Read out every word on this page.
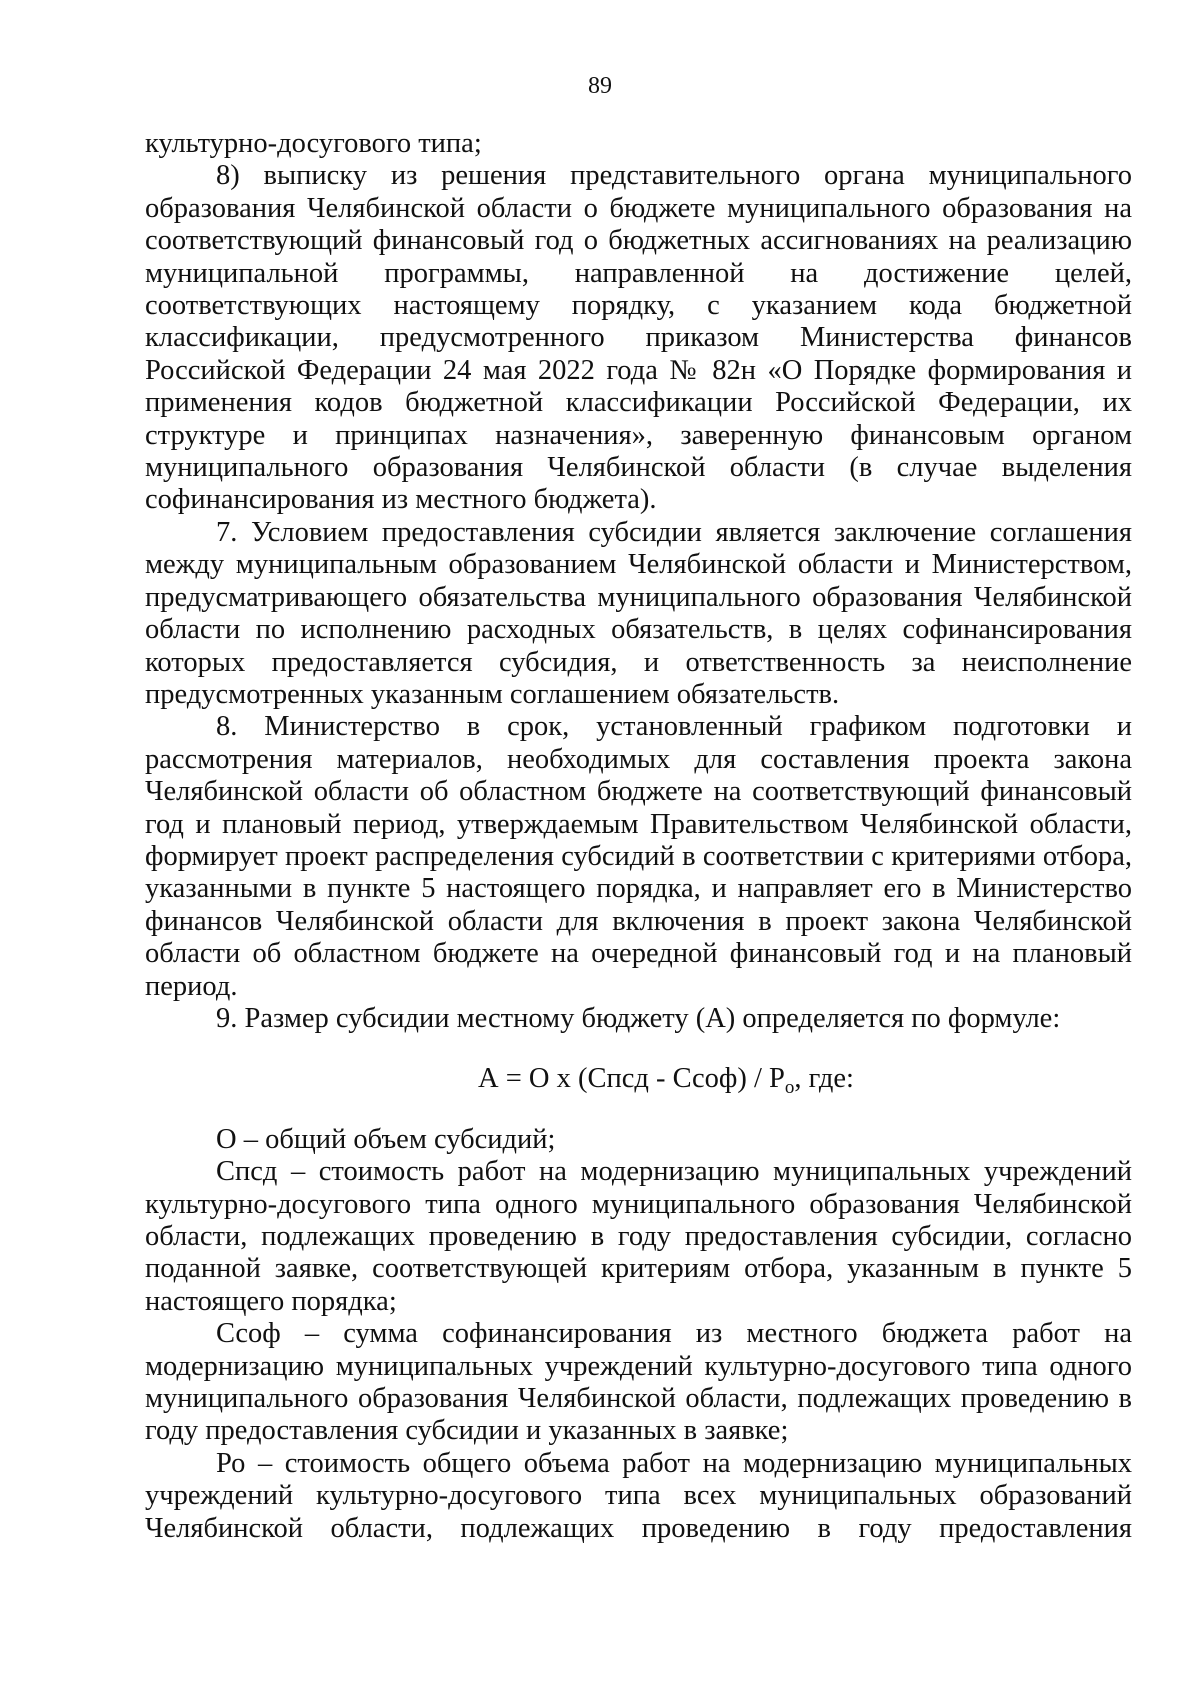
89

культурно-досугового типа;

8) выписку из решения представительного органа муниципального образования Челябинской области о бюджете муниципального образования на соответствующий финансовый год о бюджетных ассигнованиях на реализацию муниципальной программы, направленной на достижение целей, соответствующих настоящему порядку, с указанием кода бюджетной классификации, предусмотренного приказом Министерства финансов Российской Федерации 24 мая 2022 года № 82н «О Порядке формирования и применения кодов бюджетной классификации Российской Федерации, их структуре и принципах назначения», заверенную финансовым органом муниципального образования Челябинской области (в случае выделения софинансирования из местного бюджета).

7. Условием предоставления субсидии является заключение соглашения между муниципальным образованием Челябинской области и Министерством, предусматривающего обязательства муниципального образования Челябинской области по исполнению расходных обязательств, в целях софинансирования которых предоставляется субсидия, и ответственность за неисполнение предусмотренных указанным соглашением обязательств.

8. Министерство в срок, установленный графиком подготовки и рассмотрения материалов, необходимых для составления проекта закона Челябинской области об областном бюджете на соответствующий финансовый год и плановый период, утверждаемым Правительством Челябинской области, формирует проект распределения субсидий в соответствии с критериями отбора, указанными в пункте 5 настоящего порядка, и направляет его в Министерство финансов Челябинской области для включения в проект закона Челябинской области об областном бюджете на очередной финансовый год и на плановый период.

9. Размер субсидии местному бюджету (А) определяется по формуле:

А = О х (Спсд - Ссоф) / $Р_о$, где:

О – общий объем субсидий;

Спсд – стоимость работ на модернизацию муниципальных учреждений культурно-досугового типа одного муниципального образования Челябинской области, подлежащих проведению в году предоставления субсидии, согласно поданной заявке, соответствующей критериям отбора, указанным в пункте 5 настоящего порядка;

Ссоф – сумма софинансирования из местного бюджета работ на модернизацию муниципальных учреждений культурно-досугового типа одного муниципального образования Челябинской области, подлежащих проведению в году предоставления субсидии и указанных в заявке;

Ро – стоимость общего объема работ на модернизацию муниципальных учреждений культурно-досугового типа всех муниципальных образований Челябинской области, подлежащих проведению в году предоставления
